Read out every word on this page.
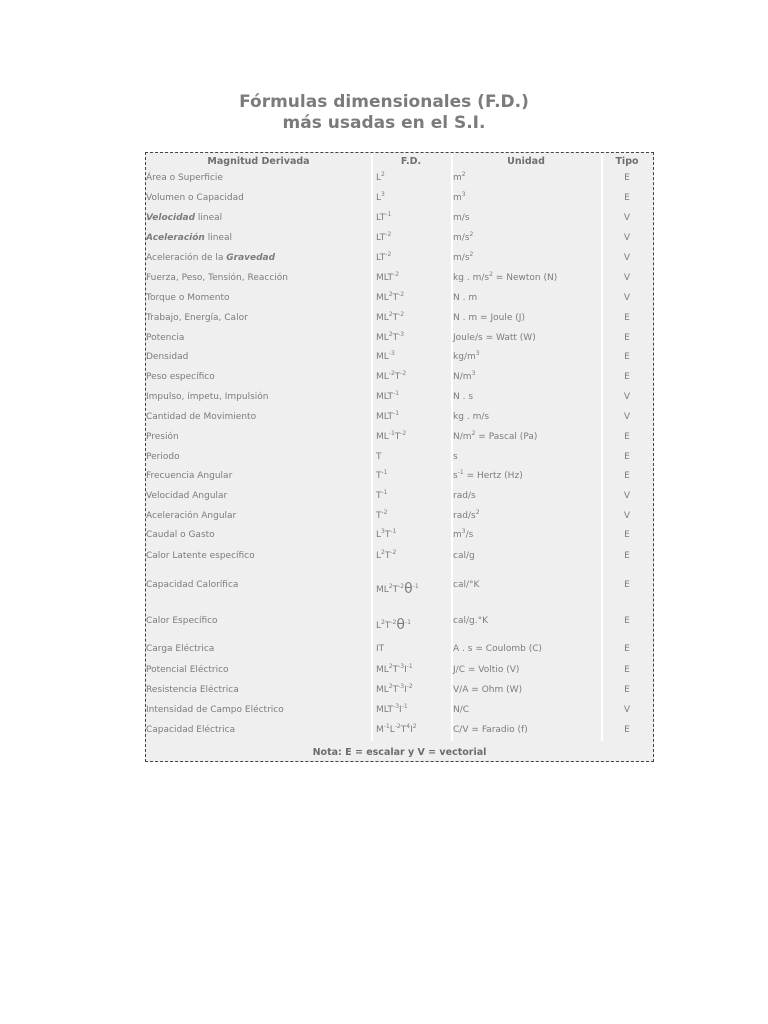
Fórmulas dimensionales (F.D.)
más usadas en el S.I.
Magnitud Derivada	F.D.	Unidad	Tipo
Área o Superficie	$L^2$	$m^2$	E
Volumen o Capacidad	$L^3$	$m^3$	E
Velocidad lineal	$LT^{-1}$	m/s	V
Aceleración lineal	$LT^{-2}$	$m/s^2$	V
Aceleración de la Gravedad	$LT^{-2}$	$m/s^2$	V
Fuerza, Peso, Tensión, Reacción	$MLT^{-2}$	kg . $m/s^2$ = Newton (N)	V
Torque o Momento	$ML^2T^{-2}$	N . m	V
Trabajo, Energía, Calor	$ML^2T^{-2}$	N . m = Joule (J)	E
Potencia	$ML^2T^{-3}$	Joule/s = Watt (W)	E
Densidad	$ML^{-3}$	$kg/m^3$	E
Peso específico	$ML^{-2}T^{-2}$	$N/m^3$	E
Impulso, ímpetu, Impulsión	$MLT^{-1}$	N . s	V
Cantidad de Movimiento	$MLT^{-1}$	kg . m/s	V
Presión	$ML^{-1}T^{-2}$	$N/m^2$ = Pascal (Pa)	E
Periodo	T	s	E
Frecuencia Angular	$T^{-1}$	$s^{-1}$ = Hertz (Hz)	E
Velocidad Angular	$T^{-1}$	rad/s	V
Aceleración Angular	$T^{-2}$	rad/$s^2$	V
Caudal o Gasto	$L^3T^{-1}$	$m^3/s$	E
Calor Latente específico	$L^2T^{-2}$	cal/g	E
Capacidad Calorífica	$ML^2T^{-2}\theta^{-1}$	cal/°K	E
Calor Específico	$L^2T^{-2}\theta^{-1}$	cal/g.°K	E
Carga Eléctrica	IT	A . s = Coulomb (C)	E
Potencial Eléctrico	$ML^2T^{-3}I^{-1}$	J/C = Voltio (V)	E
Resistencia Eléctrica	$ML^2T^{-3}I^{-2}$	V/A = Ohm (W)	E
Intensidad de Campo Eléctrico	$MLT^{-3}I^{-1}$	N/C	V
Capacidad Eléctrica	$M^{-1}L^{-2}T^4I^2$	C/V = Faradio (f)	E
Nota: E = escalar y V = vectorial
